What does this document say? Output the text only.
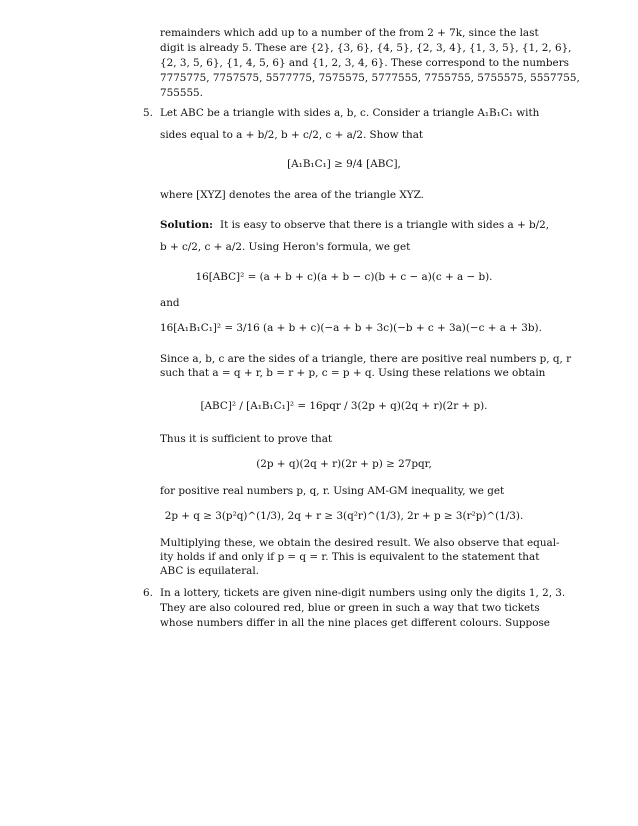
remainders which add up to a number of the from 2 + 7k, since the last
digit is already 5. These are {2}, {3, 6}, {4, 5}, {2, 3, 4}, {1, 3, 5}, {1, 2, 6},
{2, 3, 5, 6}, {1, 4, 5, 6} and {1, 2, 3, 4, 6}. These correspond to the numbers
7775775, 7757575, 5577775, 7575575, 5777555, 7755755, 5755575, 5557755,
755555.
5. Let ABC be a triangle with sides a, b, c. Consider a triangle A₁B₁C₁ with
sides equal to a + b/2, b + c/2, c + a/2. Show that
[A₁B₁C₁] ≥ 9/4 [ABC],
where [XYZ] denotes the area of the triangle XYZ.
Solution: It is easy to observe that there is a triangle with sides a + b/2,
b + c/2, c + a/2. Using Heron's formula, we get
16[ABC]² = (a + b + c)(a + b − c)(b + c − a)(c + a − b).
and
16[A₁B₁C₁]² = 3/16 (a + b + c)(−a + b + 3c)(−b + c + 3a)(−c + a + 3b).
Since a, b, c are the sides of a triangle, there are positive real numbers p, q, r
such that a = q + r, b = r + p, c = p + q. Using these relations we obtain
[ABC]² / [A₁B₁C₁]² = 16pqr / 3(2p + q)(2q + r)(2r + p).
Thus it is sufficient to prove that
(2p + q)(2q + r)(2r + p) ≥ 27pqr,
for positive real numbers p, q, r. Using AM-GM inequality, we get
2p + q ≥ 3(p²q)^(1/3), 2q + r ≥ 3(q²r)^(1/3), 2r + p ≥ 3(r²p)^(1/3).
Multiplying these, we obtain the desired result. We also observe that equal-
ity holds if and only if p = q = r. This is equivalent to the statement that
ABC is equilateral.
6. In a lottery, tickets are given nine-digit numbers using only the digits 1, 2, 3.
They are also coloured red, blue or green in such a way that two tickets
whose numbers differ in all the nine places get different colours. Suppose
